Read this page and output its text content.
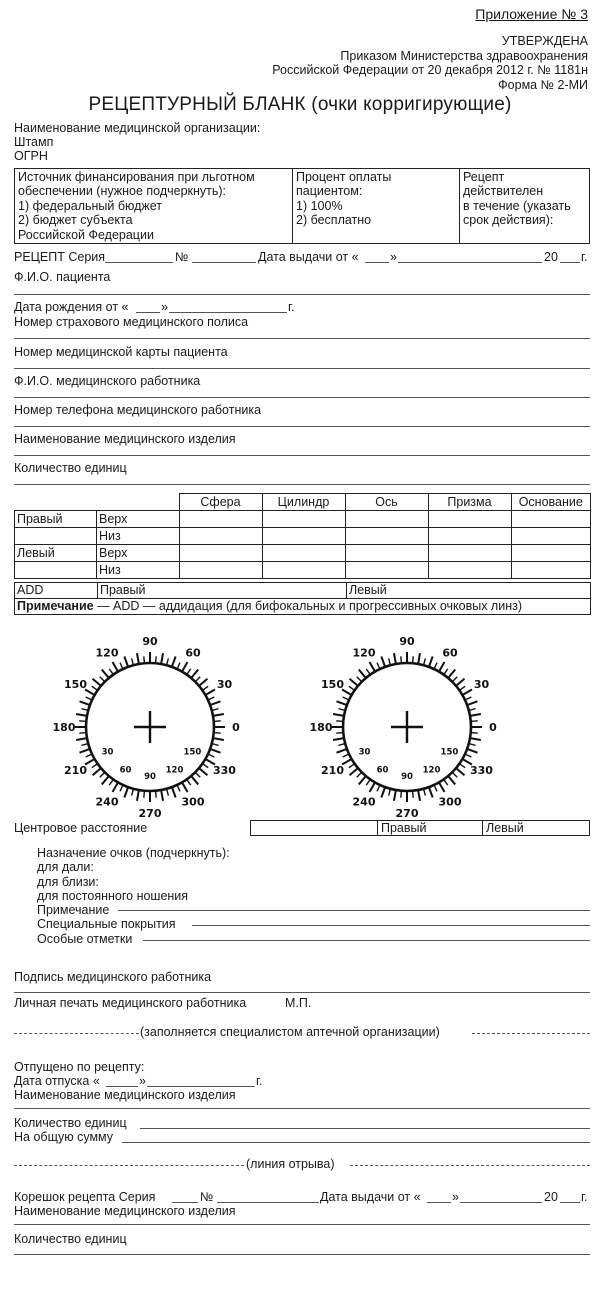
Приложение № 3
УТВЕРЖДЕНА
Приказом Министерства здравоохранения
Российской Федерации от 20 декабря 2012 г. № 1181н
Форма № 2-МИ
РЕЦЕПТУРНЫЙ БЛАНК (очки корригирующие)
Наименование медицинской организации:
Штамп
ОГРН
Источник финансирования при льготном
обеспечении (нужное подчеркнуть):
1) федеральный бюджет
2) бюджет субъекта
Российской Федерации

Процент оплаты
пациентом:
1) 100%
2) бесплатно

Рецепт
действителен
в течение (указать
срок действия):
РЕЦЕПТ Серия	№	Дата выдачи от «	»	20 г.
Ф.И.О. пациента
Дата рождения от «	»	г.
Номер страхового медицинского полиса
Номер медицинской карты пациента
Ф.И.О. медицинского работника
Номер телефона медицинского работника
Наименование медицинского изделия
Количество единиц
		Сфера	Цилиндр	Ось	Призма	Основание
Правый	Верх					
	Низ					
Левый	Верх					
	Низ					
ADD	Правый	Левый
Примечание — ADD — аддидация (для бифокальных и прогрессивных очковых линз)
0
30
60
90
120
150
180
210
240
270
300
330
30
60
90
120
150
0
30
60
90
120
150
180
210
240
270
300
330
30
60
90
120
150
Центровое расстояние
		Правый	Левый
Назначение очков (подчеркнуть):
для дали:
для близи:
для постоянного ношения
Примечание
Специальные покрытия
Особые отметки
Подпись медицинского работника
Личная печать медицинского работника	М.П.
(заполняется специалистом аптечной организации)
Отпущено по рецепту:
Дата отпуска «	»	г.
Наименование медицинского изделия
Количество единиц
На общую сумму
(линия отрыва)
Корешок рецепта Серия	№	Дата выдачи от «	»	20 г.
Наименование медицинского изделия
Количество единиц
